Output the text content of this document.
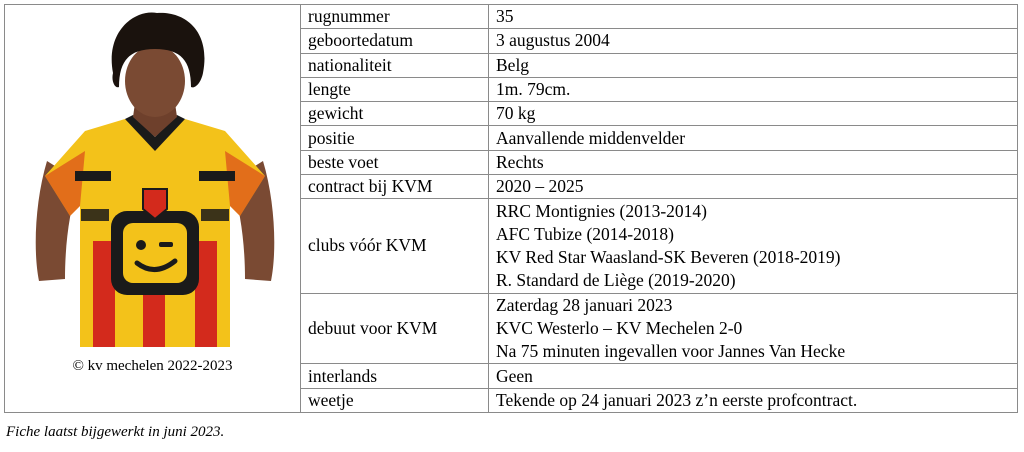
© kv mechelen 2022-2023	rugnummer	35

	geboortedatum	3 augustus 2004

	nationaliteit	Belg

	lengte	1m. 79cm.

	gewicht	70 kg

	positie	Aanvallende middenvelder

	beste voet	Rechts

	contract bij KVM	2020 – 2025

	clubs vóór KVM	RRC Montignies (2013-2014)
AFC Tubize (2014-2018)
KV Red Star Waasland-SK Beveren (2018-2019)
R. Standard de Liège (2019-2020)

	debuut voor KVM	Zaterdag 28 januari 2023
KVC Westerlo – KV Mechelen 2-0
Na 75 minuten ingevallen voor Jannes Van Hecke

	interlands	Geen

	weetje	Tekende op 24 januari 2023 z’n eerste profcontract.
Fiche laatst bijgewerkt in juni 2023.
